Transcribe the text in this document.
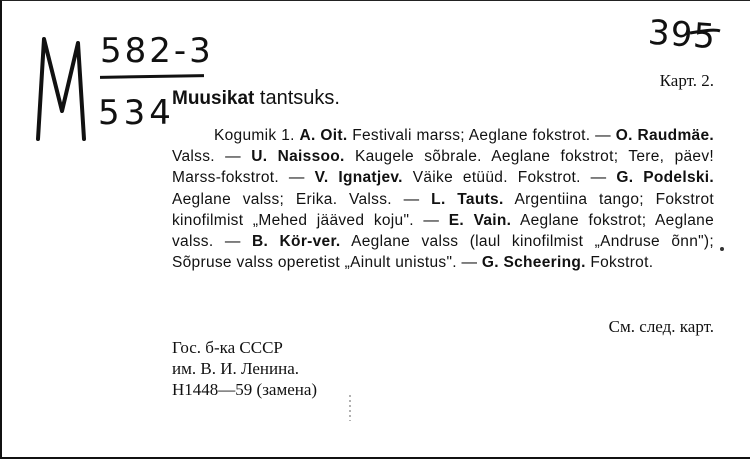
582-3
534
395
Карт. 2.
Muusikat tantsuks.
Kogumik 1. A. Oit. Festivali marss; Aeglane fokstrot. — O. Raudmäe. Valss. — U. Naissoo. Kaugele sõbrale. Aeglane fokstrot; Tere, päev! Marss-fokstrot. — V. Ignatjev. Väike etüüd. Fokstrot. — G. Podelski. Aeglane valss; Erika. Valss. — L. Tauts. Argentiina tango; Fokstrot kinofilmist „Mehed jääved koju". — E. Vain. Aeglane fokstrot; Aeglane valss. — B. Kör-ver. Aeglane valss (laul kinofilmist „Andruse õnn"); Sõpruse valss operetist „Ainult unistus". — G. Scheering. Fokstrot.
См. след. карт.
Гос. б-ка СССР
им. В. И. Ленина.
Н1448—59 (замена)
